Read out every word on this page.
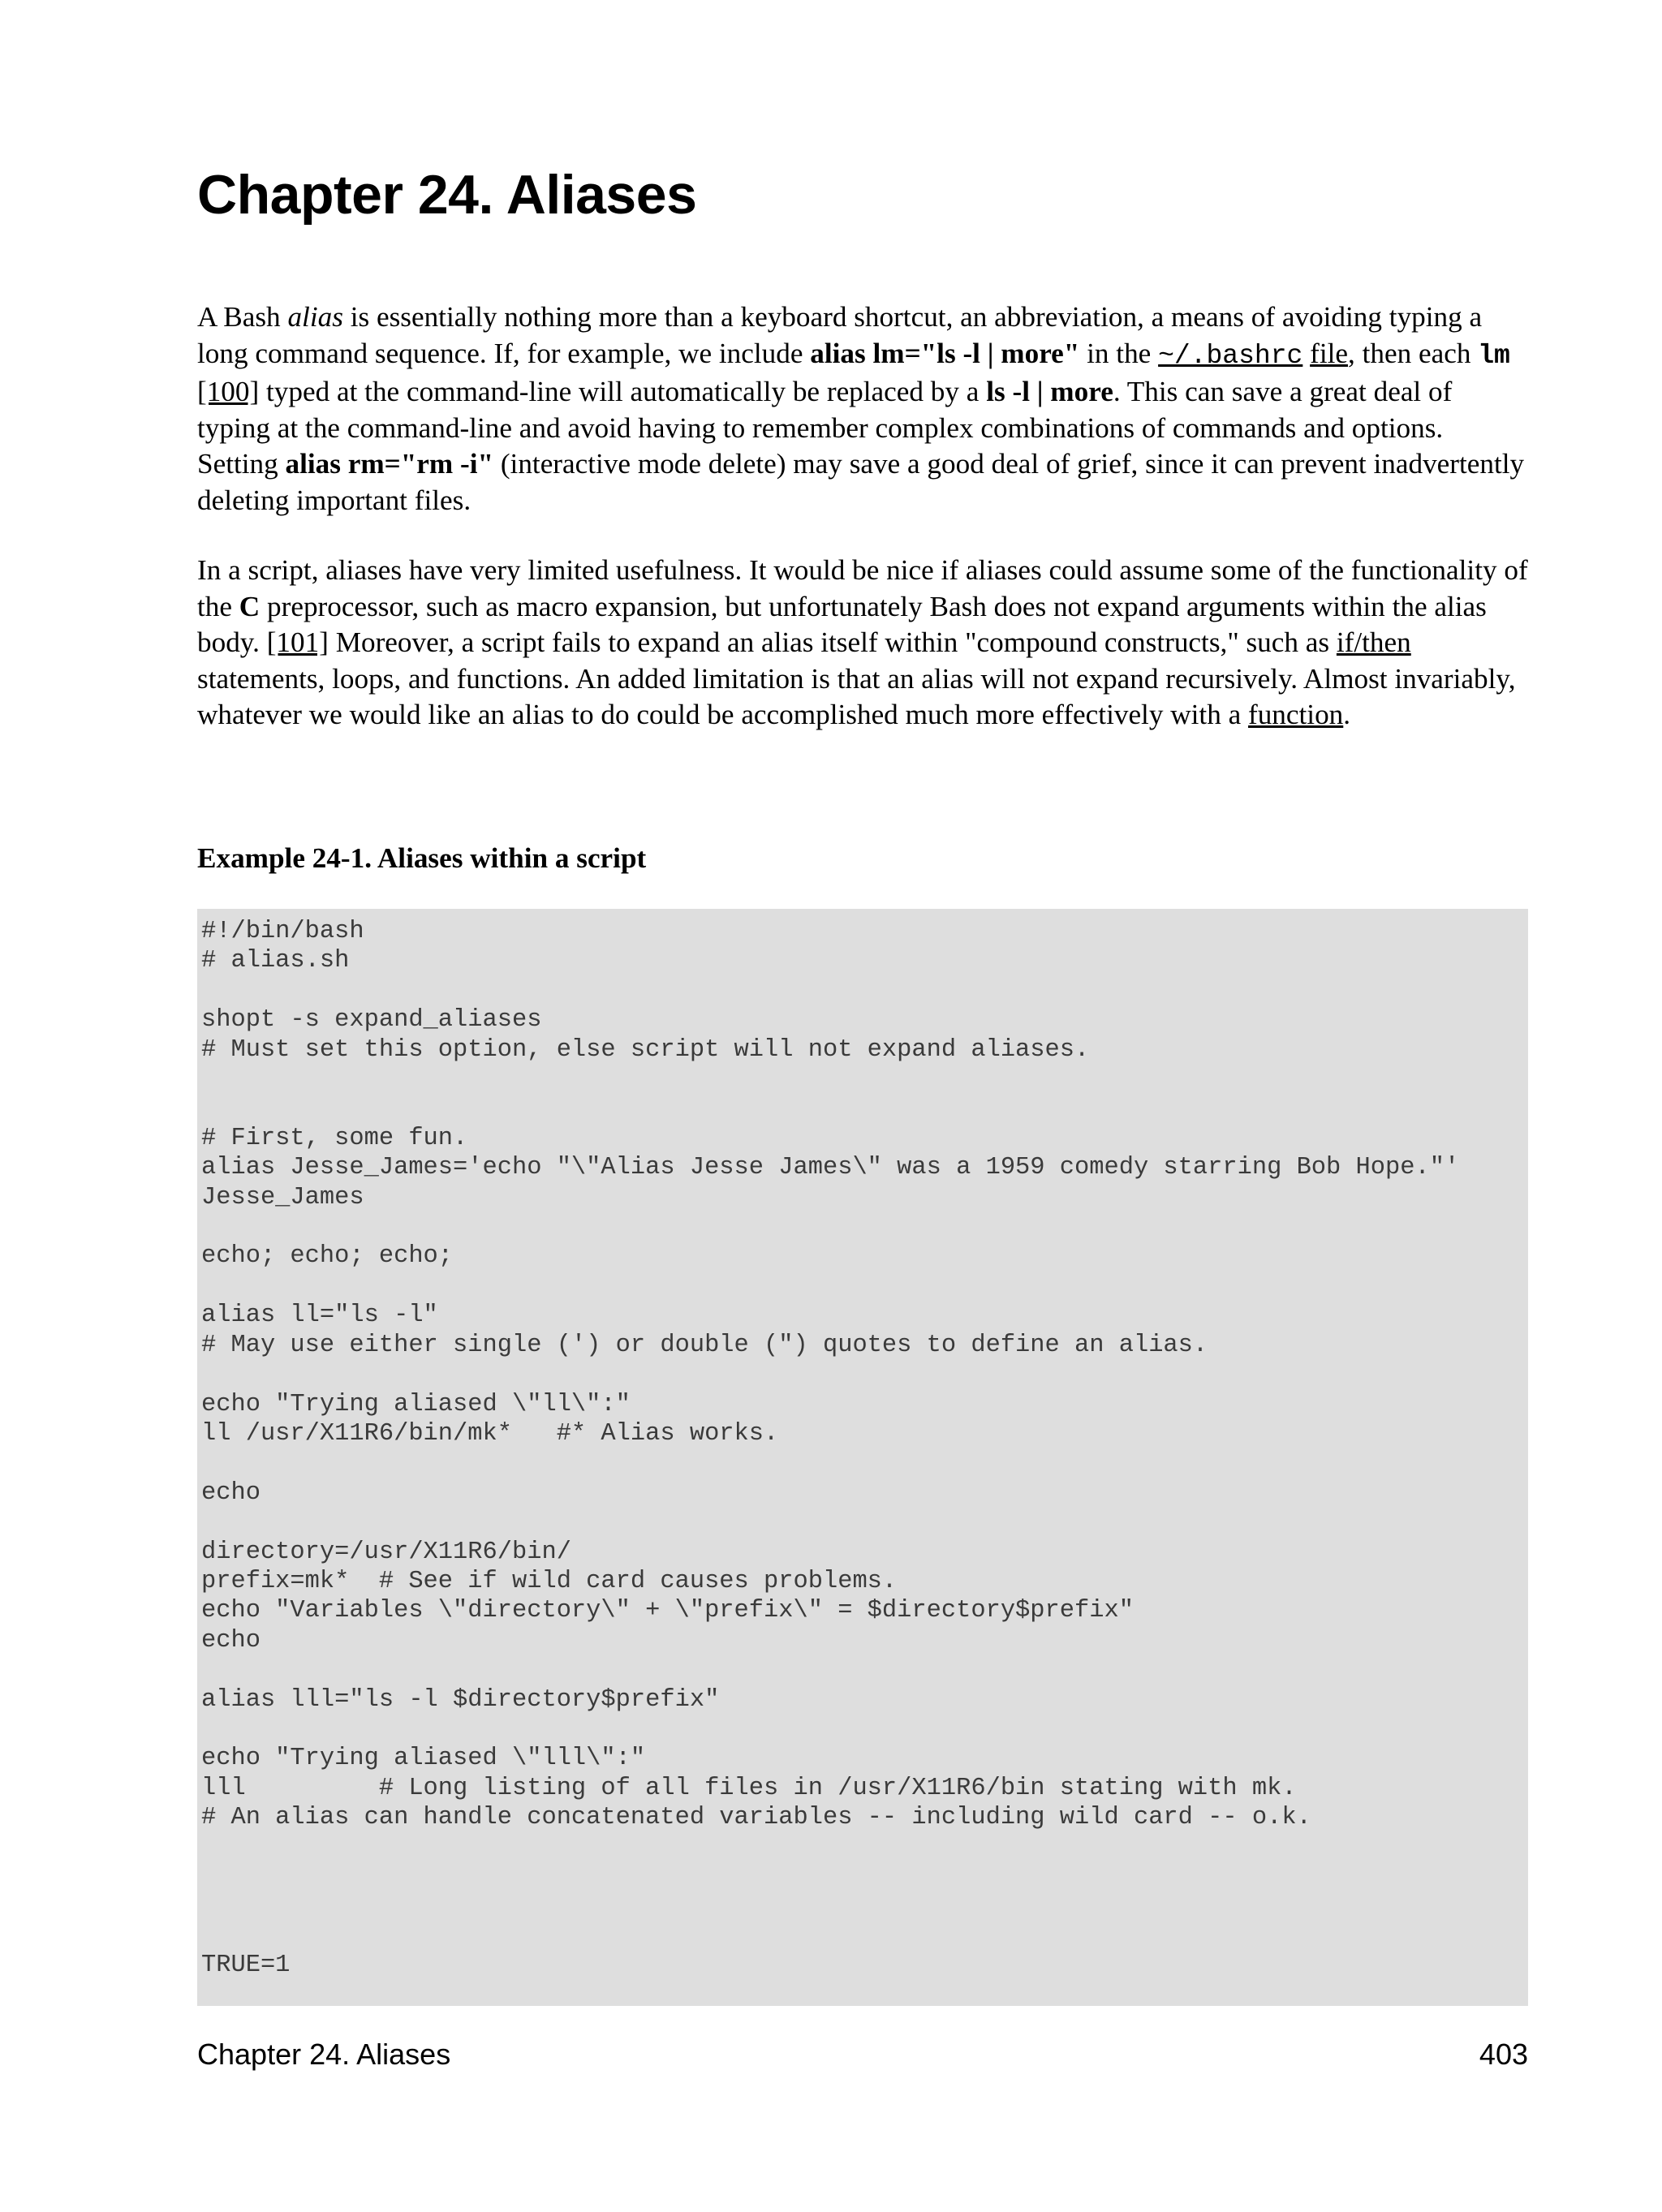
Chapter 24. Aliases

A Bash alias is essentially nothing more than a keyboard shortcut, an abbreviation, a means of avoiding typing a long command sequence. If, for example, we include alias lm="ls -l | more" in the ~/.bashrc file, then each lm [100] typed at the command-line will automatically be replaced by a ls -l | more. This can save a great deal of typing at the command-line and avoid having to remember complex combinations of commands and options. Setting alias rm="rm -i" (interactive mode delete) may save a good deal of grief, since it can prevent inadvertently deleting important files.

In a script, aliases have very limited usefulness. It would be nice if aliases could assume some of the functionality of the C preprocessor, such as macro expansion, but unfortunately Bash does not expand arguments within the alias body. [101] Moreover, a script fails to expand an alias itself within "compound constructs," such as if/then statements, loops, and functions. An added limitation is that an alias will not expand recursively. Almost invariably, whatever we would like an alias to do could be accomplished much more effectively with a function.

Example 24-1. Aliases within a script
#!/bin/bash
# alias.sh

shopt -s expand_aliases
# Must set this option, else script will not expand aliases.

# First, some fun.
alias Jesse_James='echo "\"Alias Jesse James\" was a 1959 comedy starring Bob Hope."'
Jesse_James

echo; echo; echo;

alias ll="ls -l"
# May use either single (') or double (") quotes to define an alias.

echo "Trying aliased \"ll\":"
ll /usr/X11R6/bin/mk*   #* Alias works.

echo

directory=/usr/X11R6/bin/
prefix=mk*  # See if wild card causes problems.
echo "Variables \"directory\" + \"prefix\" = $directory$prefix"
echo

alias lll="ls -l $directory$prefix"

echo "Trying aliased \"lll\":"
lll         # Long listing of all files in /usr/X11R6/bin stating with mk.
# An alias can handle concatenated variables -- including wild card -- o.k.

TRUE=1
Chapter 24. Aliases	403
